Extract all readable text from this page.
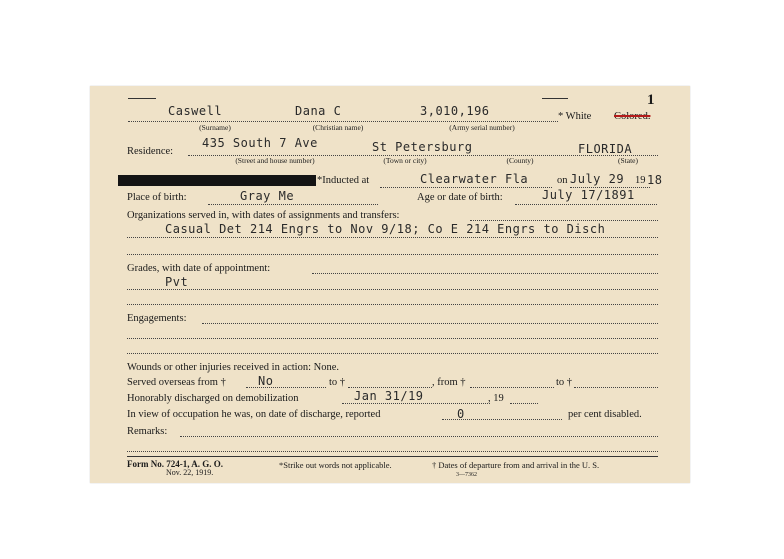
1
Caswell	Dana C	3,010,196	* White Colored.
(Surname)	(Christian name)	(Army serial number)
Residence:
435 South 7 Ave	St Petersburg	FLORIDA
(Street and house number)	(Town or city)	(County)	(State)
*Inducted at	Clearwater Fla	on July 29 19 18
Place of birth:	Gray Me	Age or date of birth:	July 17/1891
Organizations served in, with dates of assignments and transfers:
Casual Det 214 Engrs to Nov 9/18; Co E 214 Engrs to Disch
Grades, with date of appointment:
Pvt
Engagements:
Wounds or other injuries received in action: None.
Served overseas from †	No	to †	, from †	to †
Honorably discharged on demobilization	Jan 31/19	, 19
In view of occupation he was, on date of discharge, reported	0	per cent disabled.
Remarks:
Form No. 724-1, A. G. O.
Nov. 22, 1919.
*Strike out words not applicable.	† Dates of departure from and arrival in the U. S.
3—7362
